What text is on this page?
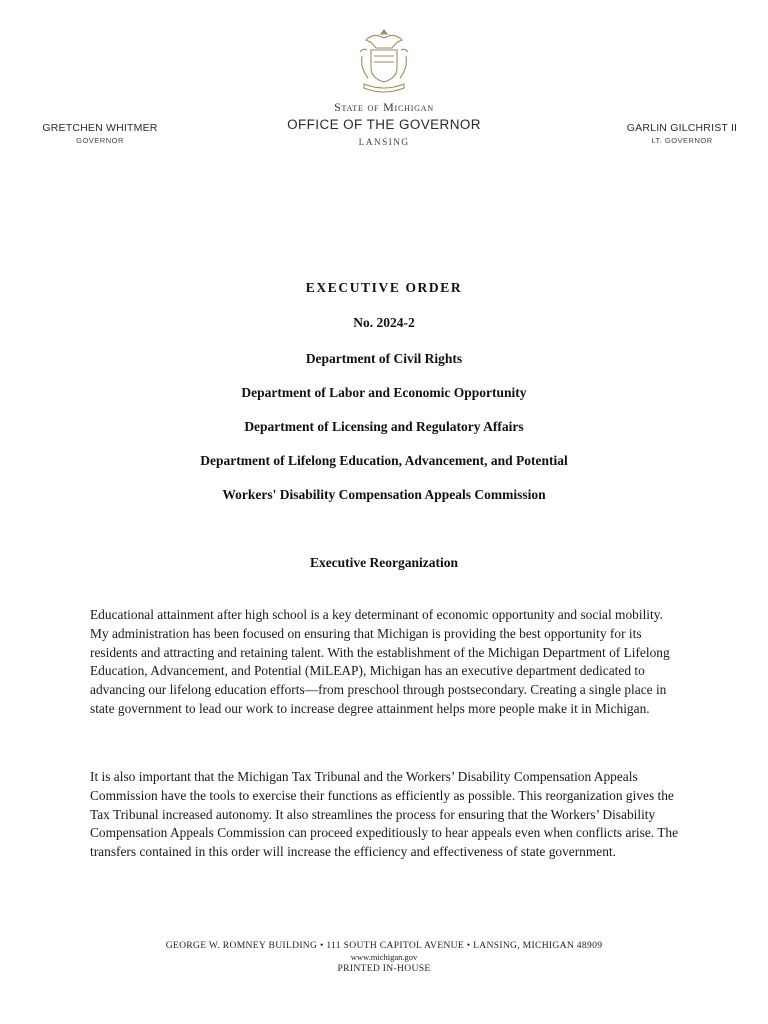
State of Michigan
OFFICE OF THE GOVERNOR
LANSING
GRETCHEN WHITMER
GOVERNOR
GARLIN GILCHRIST II
LT. GOVERNOR
EXECUTIVE ORDER
No. 2024-2
Department of Civil Rights
Department of Labor and Economic Opportunity
Department of Licensing and Regulatory Affairs
Department of Lifelong Education, Advancement, and Potential
Workers' Disability Compensation Appeals Commission
Executive Reorganization

Educational attainment after high school is a key determinant of economic opportunity and social mobility. My administration has been focused on ensuring that Michigan is providing the best opportunity for its residents and attracting and retaining talent. With the establishment of the Michigan Department of Lifelong Education, Advancement, and Potential (MiLEAP), Michigan has an executive department dedicated to advancing our lifelong education efforts—from preschool through postsecondary. Creating a single place in state government to lead our work to increase degree attainment helps more people make it in Michigan.

It is also important that the Michigan Tax Tribunal and the Workers’ Disability Compensation Appeals Commission have the tools to exercise their functions as efficiently as possible. This reorganization gives the Tax Tribunal increased autonomy. It also streamlines the process for ensuring that the Workers’ Disability Compensation Appeals Commission can proceed expeditiously to hear appeals even when conflicts arise. The transfers contained in this order will increase the efficiency and effectiveness of state government.

GEORGE W. ROMNEY BUILDING • 111 SOUTH CAPITOL AVENUE • LANSING, MICHIGAN 48909
www.michigan.gov
PRINTED IN-HOUSE
